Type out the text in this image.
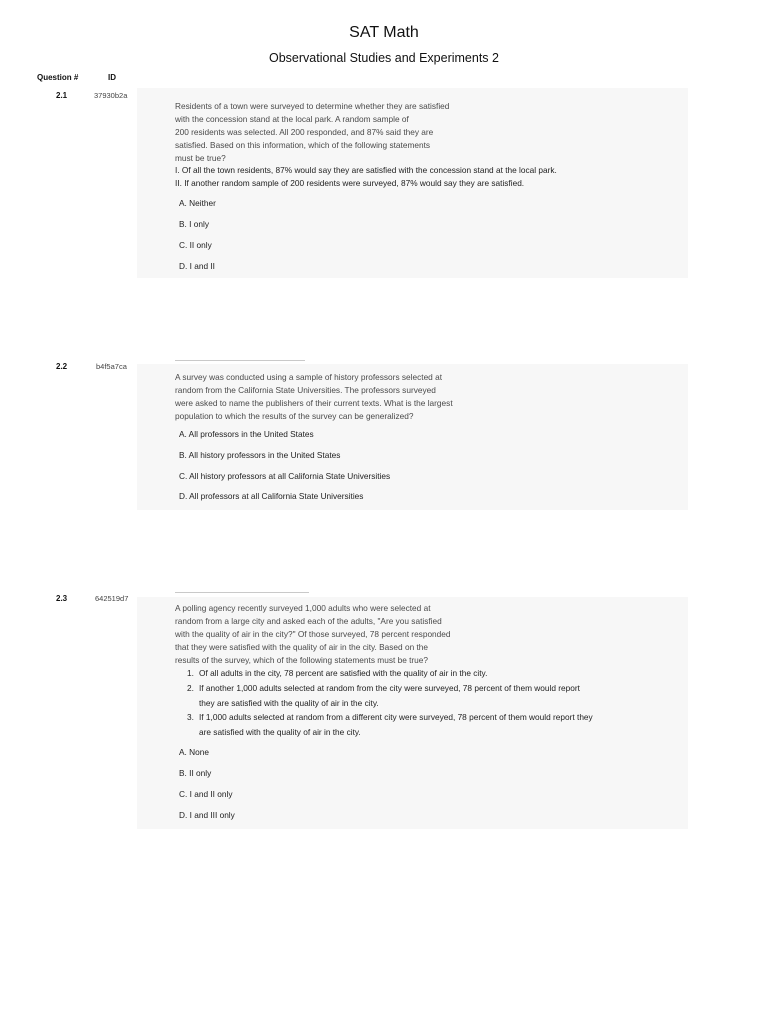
SAT Math
Observational Studies and Experiments 2
Question #	ID
2.1	37930b2a
Residents of a town were surveyed to determine whether they are satisfied
with the concession stand at the local park. A random sample of
200 residents was selected. All 200 responded, and 87% said they are
satisfied. Based on this information, which of the following statements
must be true?
I. Of all the town residents, 87% would say they are satisfied with the concession stand at the local park.
II. If another random sample of 200 residents were surveyed, 87% would say they are satisfied.
A. Neither
B. I only
C. II only
D. I and II
2.2	b4f5a7ca
A survey was conducted using a sample of history professors selected at
random from the California State Universities. The professors surveyed
were asked to name the publishers of their current texts. What is the largest
population to which the results of the survey can be generalized?
A. All professors in the United States
B. All history professors in the United States
C. All history professors at all California State Universities
D. All professors at all California State Universities
2.3	642519d7
A polling agency recently surveyed 1,000 adults who were selected at
random from a large city and asked each of the adults, "Are you satisfied
with the quality of air in the city?" Of those surveyed, 78 percent responded
that they were satisfied with the quality of air in the city. Based on the
results of the survey, which of the following statements must be true?
1. Of all adults in the city, 78 percent are satisfied with the quality of air in the city.
2. If another 1,000 adults selected at random from the city were surveyed, 78 percent of them would report
they are satisfied with the quality of air in the city.
3. If 1,000 adults selected at random from a different city were surveyed, 78 percent of them would report they
are satisfied with the quality of air in the city.
A. None
B. II only
C. I and II only
D. I and III only
